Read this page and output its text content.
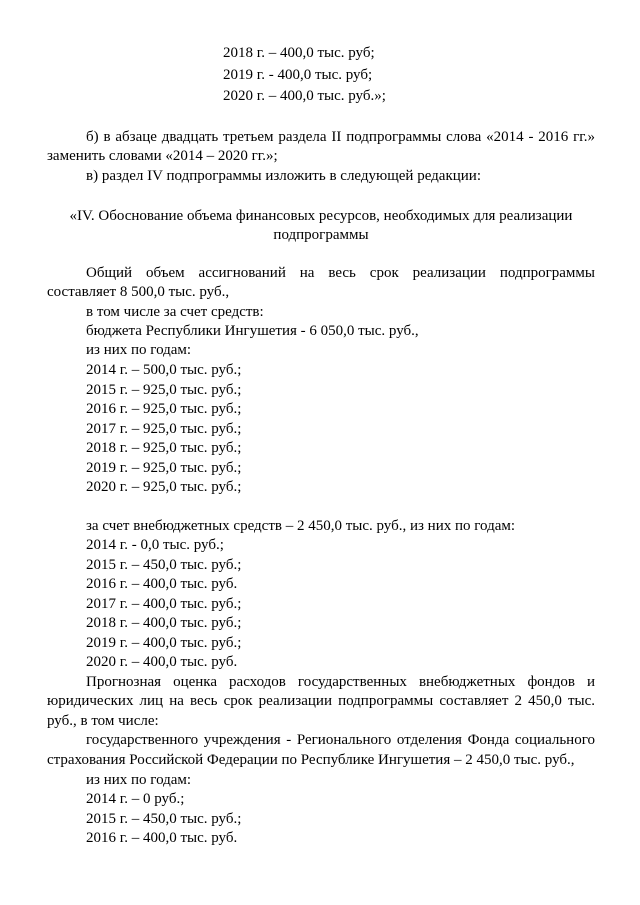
2018 г. – 400,0 тыс. руб;
2019 г. - 400,0 тыс. руб;
2020 г. – 400,0 тыс. руб.»;
б) в абзаце двадцать третьем раздела II подпрограммы слова «2014 - 2016 гг.»
заменить словами «2014 – 2020 гг.»;
в) раздел IV подпрограммы изложить в следующей редакции:
«IV. Обоснование объема финансовых ресурсов, необходимых для реализации
подпрограммы
Общий объем ассигнований на весь срок реализации подпрограммы
составляет 8 500,0 тыс. руб.,
в том числе за счет средств:
бюджета Республики Ингушетия - 6 050,0 тыс. руб.,
из них по годам:
2014 г. – 500,0 тыс. руб.;
2015 г. – 925,0 тыс. руб.;
2016 г. – 925,0 тыс. руб.;
2017 г. – 925,0 тыс. руб.;
2018 г. – 925,0 тыс. руб.;
2019 г. – 925,0 тыс. руб.;
2020 г. – 925,0 тыс. руб.;
за счет внебюджетных средств – 2 450,0 тыс. руб., из них по годам:
2014 г. - 0,0 тыс. руб.;
2015 г. – 450,0 тыс. руб.;
2016 г. – 400,0 тыс. руб.
2017 г. – 400,0 тыс. руб.;
2018 г. – 400,0 тыс. руб.;
2019 г. – 400,0 тыс. руб.;
2020 г. – 400,0 тыс. руб.
Прогнозная оценка расходов государственных внебюджетных фондов и
юридических лиц на весь срок реализации подпрограммы составляет 2 450,0 тыс.
руб., в том числе:
государственного учреждения - Регионального отделения Фонда социального
страхования Российской Федерации по Республике Ингушетия – 2 450,0 тыс. руб.,
из них по годам:
2014 г. – 0 руб.;
2015 г. – 450,0 тыс. руб.;
2016 г. – 400,0 тыс. руб.
